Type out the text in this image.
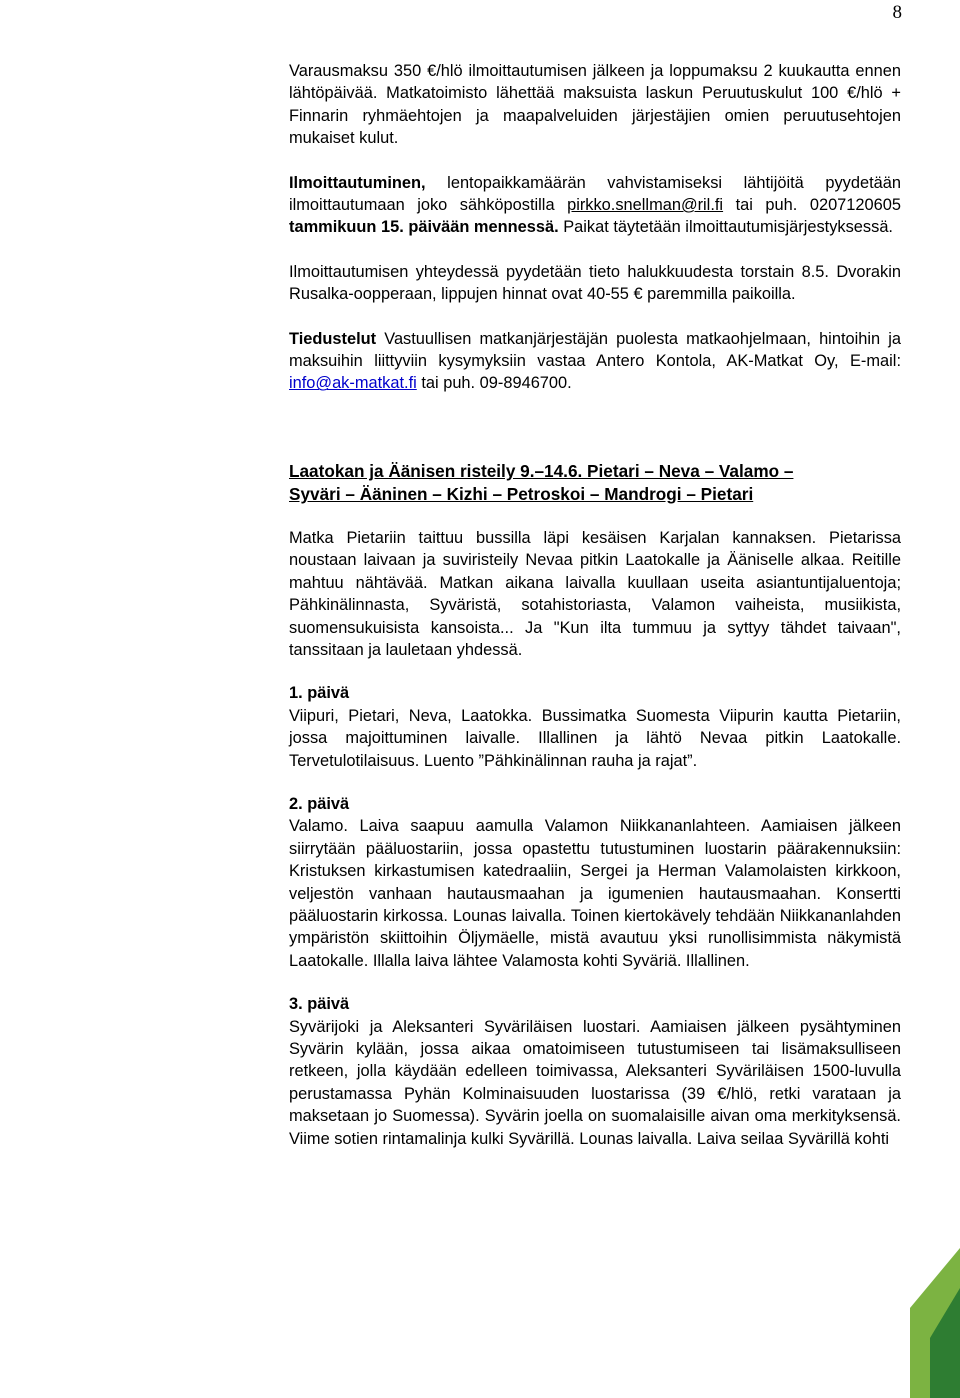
8

Varausmaksu 350 €/hlö ilmoittautumisen jälkeen ja loppumaksu 2 kuukautta ennen lähtöpäivää. Matkatoimisto lähettää maksuista laskun Peruutuskulut 100 €/hlö + Finnarin ryhmäehtojen ja maapalveluiden järjestäjien omien peruutusehtojen mukaiset kulut.

Ilmoittautuminen, lentopaikkamäärän vahvistamiseksi lähtijöitä pyydetään ilmoittautumaan joko sähköpostilla pirkko.snellman@ril.fi tai puh. 0207120605 tammikuun 15. päivään mennessä. Paikat täytetään ilmoittautumisjärjestyksessä.

Ilmoittautumisen yhteydessä pyydetään tieto halukkuudesta torstain 8.5. Dvorakin Rusalka-oopperaan, lippujen hinnat ovat 40-55 € paremmilla paikoilla.

Tiedustelut Vastuullisen matkanjärjestäjän puolesta matkaohjelmaan, hintoihin ja maksuihin liittyviin kysymyksiin vastaa Antero Kontola, AK-Matkat Oy, E-mail: info@ak-matkat.fi tai puh. 09-8946700.

Laatokan ja Äänisen risteily 9.–14.6. Pietari – Neva – Valamo –
Syväri – Ääninen – Kizhi – Petroskoi – Mandrogi – Pietari

Matka Pietariin taittuu bussilla läpi kesäisen Karjalan kannaksen. Pietarissa noustaan laivaan ja suviristeily Nevaa pitkin Laatokalle ja Ääniselle alkaa. Reitille mahtuu nähtävää. Matkan aikana laivalla kuullaan useita asiantuntijaluentoja; Pähkinälinnasta, Syväristä, sotahistoriasta, Valamon vaiheista, musiikista, suomensukuisista kansoista... Ja "Kun ilta tummuu ja syttyy tähdet taivaan", tanssitaan ja lauletaan yhdessä.

1. päivä

Viipuri, Pietari, Neva, Laatokka. Bussimatka Suomesta Viipurin kautta Pietariin, jossa majoittuminen laivalle. Illallinen ja lähtö Nevaa pitkin Laatokalle. Tervetulotilaisuus. Luento ”Pähkinälinnan rauha ja rajat”.

2. päivä

Valamo. Laiva saapuu aamulla Valamon Niikkananlahteen. Aamiaisen jälkeen siirrytään pääluostariin, jossa opastettu tutustuminen luostarin päärakennuksiin: Kristuksen kirkastumisen katedraaliin, Sergei ja Herman Valamolaisten kirkkoon, veljestön vanhaan hautausmaahan ja igumenien hautausmaahan. Konsertti pääluostarin kirkossa. Lounas laivalla. Toinen kiertokävely tehdään Niikkananlahden ympäristön skiittoihin Öljymäelle, mistä avautuu yksi runollisimmista näkymistä Laatokalle. Illalla laiva lähtee Valamosta kohti Syväriä. Illallinen.

3. päivä

Syvärijoki ja Aleksanteri Syväriläisen luostari. Aamiaisen jälkeen pysähtyminen Syvärin kylään, jossa aikaa omatoimiseen tutustumiseen tai lisämaksulliseen retkeen, jolla käydään edelleen toimivassa, Aleksanteri Syväriläisen 1500-luvulla perustamassa Pyhän Kolminaisuuden luostarissa (39 €/hlö, retki varataan ja maksetaan jo Suomessa). Syvärin joella on suomalaisille aivan oma merkityksensä. Viime sotien rintamalinja kulki Syvärillä. Lounas laivalla. Laiva seilaa Syvärillä kohti
